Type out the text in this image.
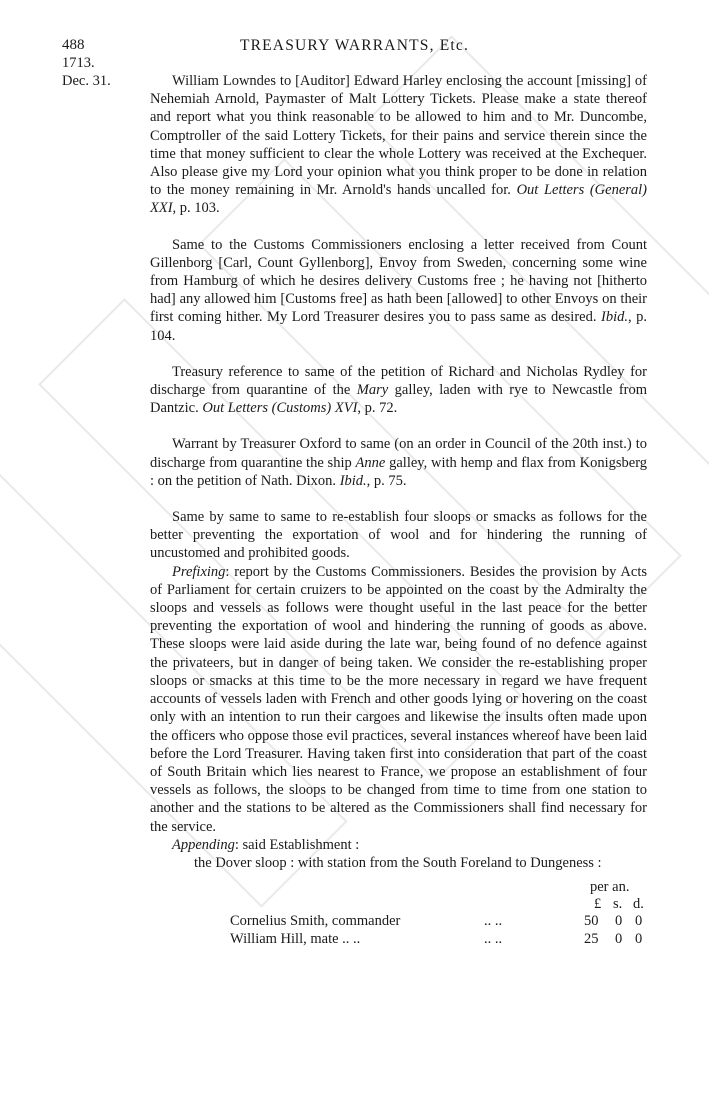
488	TREASURY WARRANTS, Etc.
1713.
Dec. 31.	William Lowndes to [Auditor] Edward Harley enclosing the account [missing] of Nehemiah Arnold, Paymaster of Malt Lottery Tickets. Please make a state thereof and report what you think reasonable to be allowed to him and to Mr. Duncombe, Comptroller of the said Lottery Tickets, for their pains and service therein since the time that money sufficient to clear the whole Lottery was received at the Exchequer. Also please give my Lord your opinion what you think proper to be done in relation to the money remaining in Mr. Arnold's hands uncalled for. Out Letters (General) XXI, p. 103.

Same to the Customs Commissioners enclosing a letter received from Count Gillenborg [Carl, Count Gyllenborg], Envoy from Sweden, concerning some wine from Hamburg of which he desires delivery Customs free ; he having not [hitherto had] any allowed him [Customs free] as hath been [allowed] to other Envoys on their first coming hither. My Lord Treasurer desires you to pass same as desired. Ibid., p. 104.

Treasury reference to same of the petition of Richard and Nicholas Rydley for discharge from quarantine of the Mary galley, laden with rye to Newcastle from Dantzic. Out Letters (Customs) XVI, p. 72.

Warrant by Treasurer Oxford to same (on an order in Council of the 20th inst.) to discharge from quarantine the ship Anne galley, with hemp and flax from Konigsberg : on the petition of Nath. Dixon. Ibid., p. 75.

Same by same to same to re-establish four sloops or smacks as follows for the better preventing the exportation of wool and for hindering the running of uncustomed and prohibited goods.

Prefixing: report by the Customs Commissioners. Besides the provision by Acts of Parliament for certain cruizers to be appointed on the coast by the Admiralty the sloops and vessels as follows were thought useful in the last peace for the better preventing the exportation of wool and hindering the running of goods as above. These sloops were laid aside during the late war, being found of no defence against the privateers, but in danger of being taken. We consider the re-establishing proper sloops or smacks at this time to be the more necessary in regard we have frequent accounts of vessels laden with French and other goods lying or hovering on the coast only with an intention to run their cargoes and likewise the insults often made upon the officers who oppose those evil practices, several instances whereof have been laid before the Lord Treasurer. Having taken first into consideration that part of the coast of South Britain which lies nearest to France, we propose an establishment of four vessels as follows, the sloops to be changed from time to time from one station to another and the stations to be altered as the Commissioners shall find necessary for the service.

Appending: said Establishment :

the Dover sloop : with station from the South Foreland to Dungeness :

per an.
£ s. d.
Cornelius Smith, commander	.. ..	50 0 0
William Hill, mate .. ..	.. ..	25 0 0
